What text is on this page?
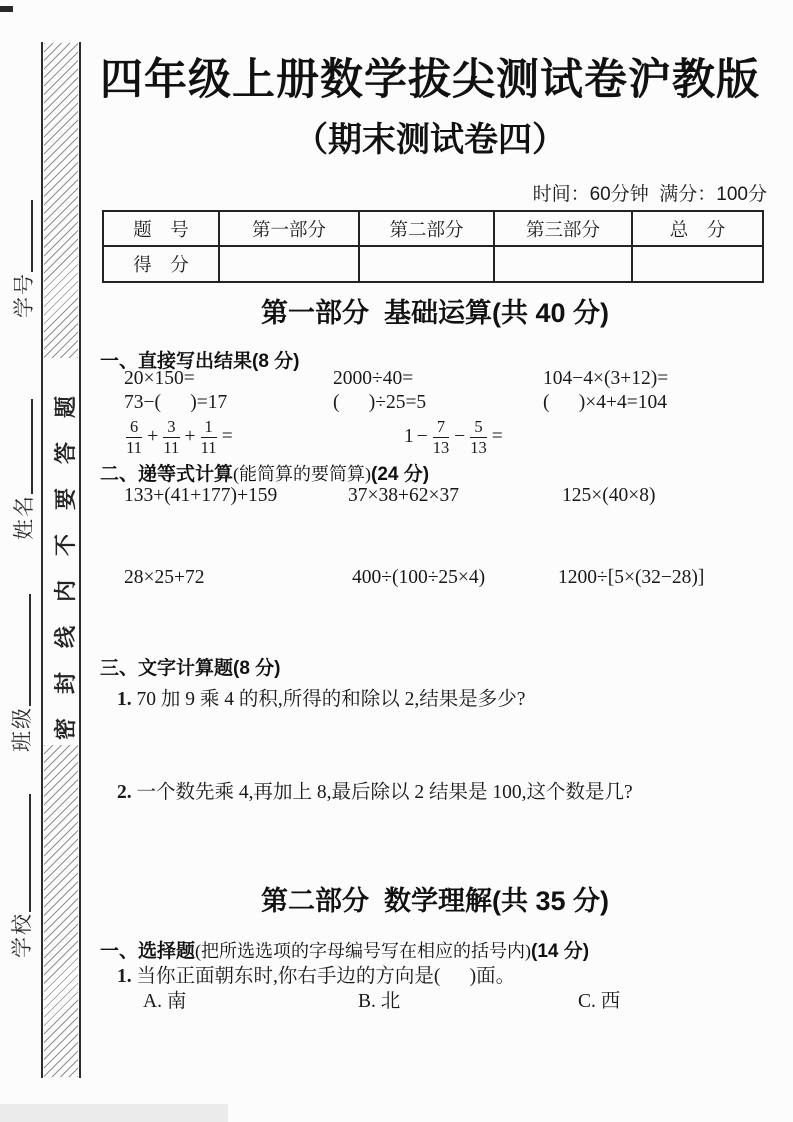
学号
姓名
班级
学校
密封线内不要答题
四年级上册数学拔尖测试卷沪教版
（期末测试卷四）
时间：60分钟  满分：100分
题　号	第一部分	第二部分	第三部分	总　分
得　分				
第一部分  基础运算(共 40 分)
一、直接写出结果(8 分)
20×150=	2000÷40=	104−4×(3+12)=
73−(      )=17	(      )÷25=5	(      )×4+4=104
$\frac{6}{11} + \frac{3}{11} + \frac{1}{11}$ =	$1 - \frac{7}{13} - \frac{5}{13}$ =
二、递等式计算(能简算的要简算)(24 分)
133+(41+177)+159	37×38+62×37	125×(40×8)
28×25+72	400÷(100÷25×4)	1200÷[5×(32−28)]
三、文字计算题(8 分)
1. 70 加 9 乘 4 的积,所得的和除以 2,结果是多少?
2. 一个数先乘 4,再加上 8,最后除以 2 结果是 100,这个数是几?
第二部分  数学理解(共 35 分)
一、选择题(把所选选项的字母编号写在相应的括号内)(14 分)
1. 当你正面朝东时,你右手边的方向是(      )面。
A. 南	B. 北	C. 西
